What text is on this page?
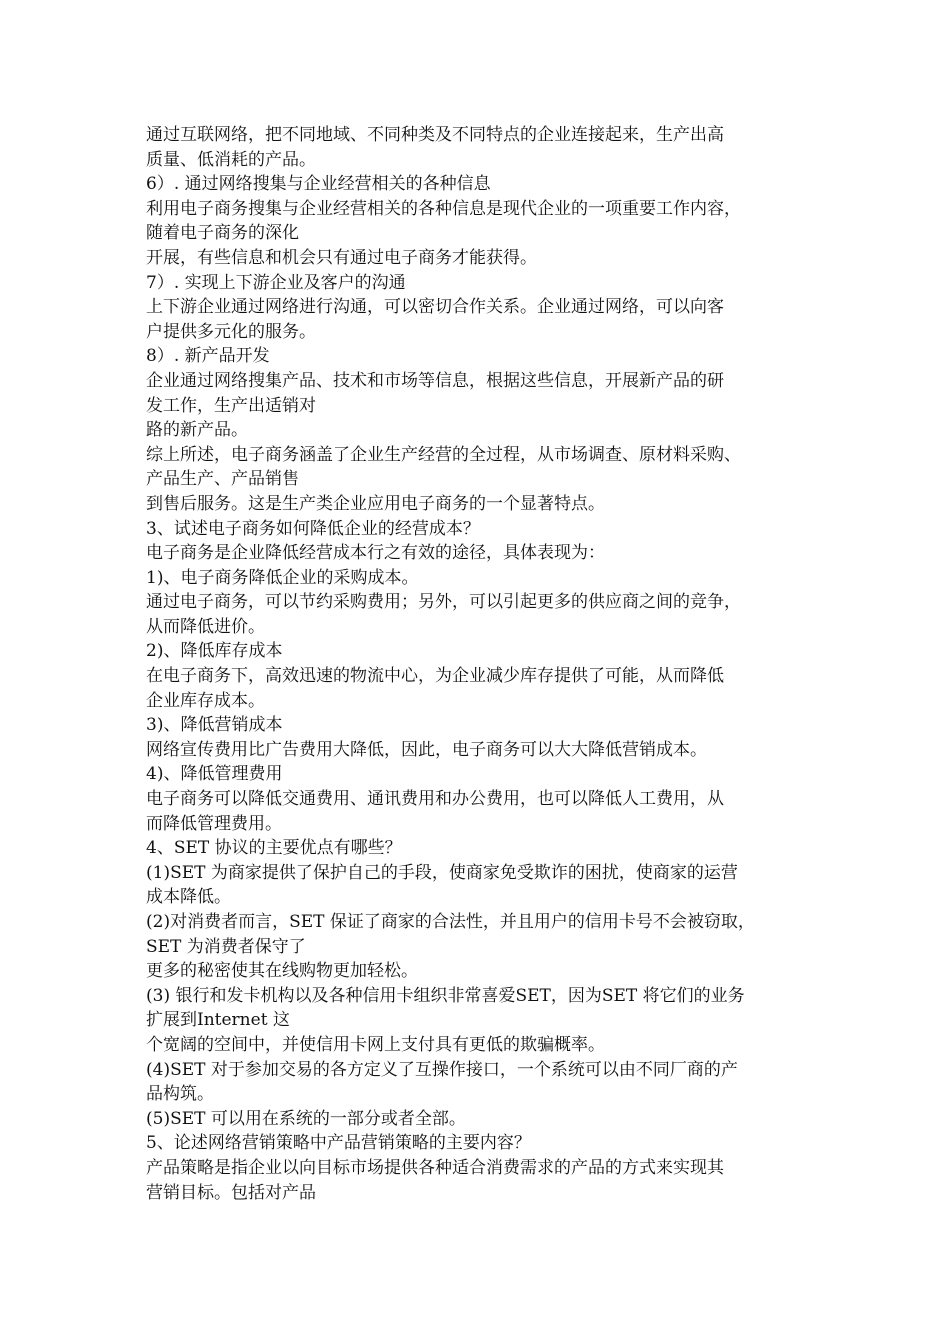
通过互联网络，把不同地域、不同种类及不同特点的企业连接起来，生产出高
质量、低消耗的产品。
6）. 通过网络搜集与企业经营相关的各种信息
利用电子商务搜集与企业经营相关的各种信息是现代企业的一项重要工作内容，
随着电子商务的深化
开展，有些信息和机会只有通过电子商务才能获得。
7）. 实现上下游企业及客户的沟通
上下游企业通过网络进行沟通，可以密切合作关系。企业通过网络，可以向客
户提供多元化的服务。
8）. 新产品开发
企业通过网络搜集产品、技术和市场等信息，根据这些信息，开展新产品的研
发工作，生产出适销对
路的新产品。
综上所述，电子商务涵盖了企业生产经营的全过程，从市场调查、原材料采购、
产品生产、产品销售
到售后服务。这是生产类企业应用电子商务的一个显著特点。
3、试述电子商务如何降低企业的经营成本？
电子商务是企业降低经营成本行之有效的途径，具体表现为：
1)、电子商务降低企业的采购成本。
通过电子商务，可以节约采购费用；另外，可以引起更多的供应商之间的竞争，
从而降低进价。
2)、降低库存成本
在电子商务下，高效迅速的物流中心，为企业减少库存提供了可能，从而降低
企业库存成本。
3)、降低营销成本
网络宣传费用比广告费用大降低，因此，电子商务可以大大降低营销成本。
4)、降低管理费用
电子商务可以降低交通费用、通讯费用和办公费用，也可以降低人工费用，从
而降低管理费用。
4、SET 协议的主要优点有哪些？
(1)SET 为商家提供了保护自己的手段，使商家免受欺诈的困扰，使商家的运营
成本降低。
(2)对消费者而言，SET 保证了商家的合法性，并且用户的信用卡号不会被窃取，
SET 为消费者保守了
更多的秘密使其在线购物更加轻松。
(3) 银行和发卡机构以及各种信用卡组织非常喜爱SET，因为SET 将它们的业务
扩展到Internet 这
个宽阔的空间中，并使信用卡网上支付具有更低的欺骗概率。
(4)SET 对于参加交易的各方定义了互操作接口，一个系统可以由不同厂商的产
品构筑。
(5)SET 可以用在系统的一部分或者全部。
5、论述网络营销策略中产品营销策略的主要内容？
产品策略是指企业以向目标市场提供各种适合消费需求的产品的方式来实现其
营销目标。包括对产品
